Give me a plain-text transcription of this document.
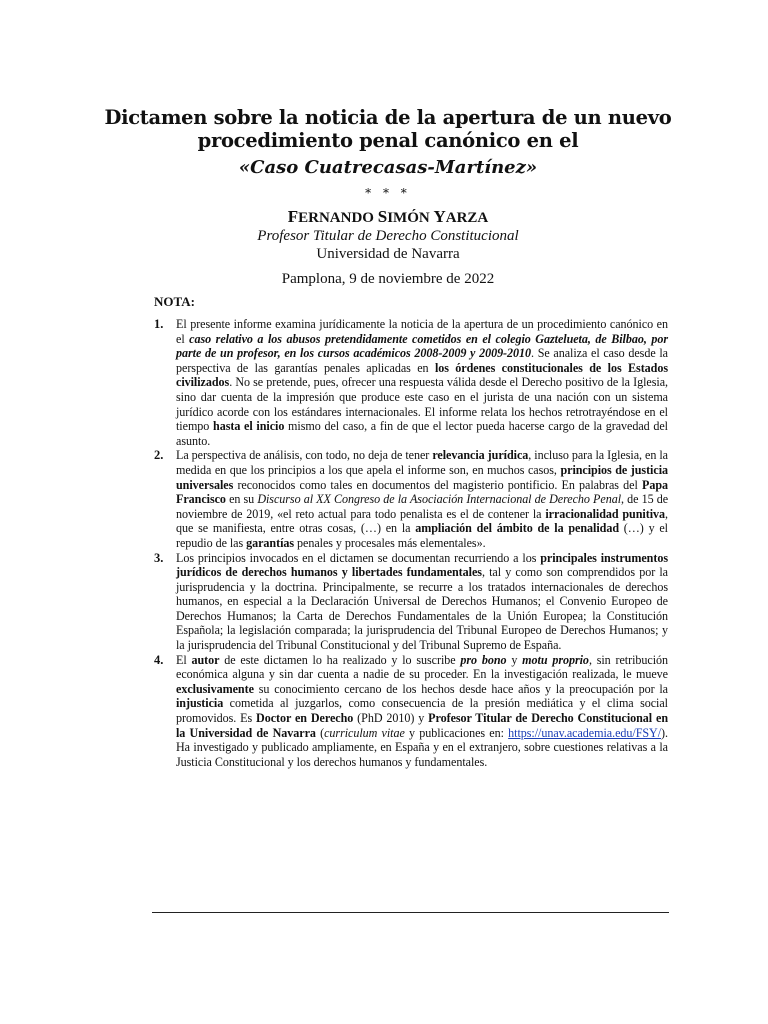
Dictamen sobre la noticia de la apertura de un nuevo
procedimiento penal canónico en el
«Caso Cuatrecasas-Martínez»
* * *
FERNANDO SIMÓN YARZA
Profesor Titular de Derecho Constitucional
Universidad de Navarra
Pamplona, 9 de noviembre de 2022
NOTA:
1. El presente informe examina jurídicamente la noticia de la apertura de un procedimiento canónico en el caso relativo a los abusos pretendidamente cometidos en el colegio Gaztelueta, de Bilbao, por parte de un profesor, en los cursos académicos 2008-2009 y 2009-2010. Se analiza el caso desde la perspectiva de las garantías penales aplicadas en los órdenes constitucionales de los Estados civilizados. No se pretende, pues, ofrecer una respuesta válida desde el Derecho positivo de la Iglesia, sino dar cuenta de la impresión que produce este caso en el jurista de una nación con un sistema jurídico acorde con los estándares internacionales. El informe relata los hechos retrotrayéndose en el tiempo hasta el inicio mismo del caso, a fin de que el lector pueda hacerse cargo de la gravedad del asunto.
2. La perspectiva de análisis, con todo, no deja de tener relevancia jurídica, incluso para la Iglesia, en la medida en que los principios a los que apela el informe son, en muchos casos, principios de justicia universales reconocidos como tales en documentos del magisterio pontificio. En palabras del Papa Francisco en su Discurso al XX Congreso de la Asociación Internacional de Derecho Penal, de 15 de noviembre de 2019, «el reto actual para todo penalista es el de contener la irracionalidad punitiva, que se manifiesta, entre otras cosas, (…) en la ampliación del ámbito de la penalidad (…) y el repudio de las garantías penales y procesales más elementales».
3. Los principios invocados en el dictamen se documentan recurriendo a los principales instrumentos jurídicos de derechos humanos y libertades fundamentales, tal y como son comprendidos por la jurisprudencia y la doctrina. Principalmente, se recurre a los tratados internacionales de derechos humanos, en especial a la Declaración Universal de Derechos Humanos; el Convenio Europeo de Derechos Humanos; la Carta de Derechos Fundamentales de la Unión Europea; la Constitución Española; la legislación comparada; la jurisprudencia del Tribunal Europeo de Derechos Humanos; y la jurisprudencia del Tribunal Constitucional y del Tribunal Supremo de España.
4. El autor de este dictamen lo ha realizado y lo suscribe pro bono y motu proprio, sin retribución económica alguna y sin dar cuenta a nadie de su proceder. En la investigación realizada, le mueve exclusivamente su conocimiento cercano de los hechos desde hace años y la preocupación por la injusticia cometida al juzgarlos, como consecuencia de la presión mediática y el clima social promovidos. Es Doctor en Derecho (PhD 2010) y Profesor Titular de Derecho Constitucional en la Universidad de Navarra (curriculum vitae y publicaciones en: https://unav.academia.edu/FSY/). Ha investigado y publicado ampliamente, en España y en el extranjero, sobre cuestiones relativas a la Justicia Constitucional y los derechos humanos y fundamentales.
